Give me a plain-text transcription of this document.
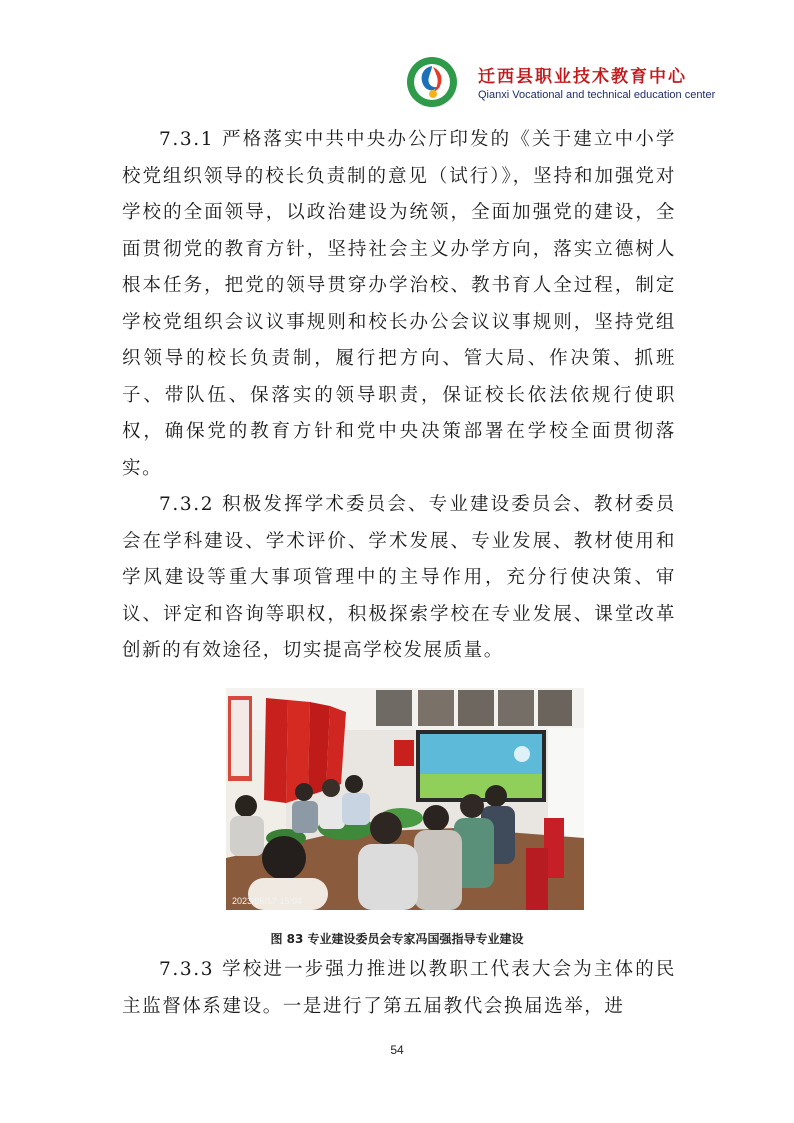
迁西县职业技术教育中心
Qianxi Vocational and technical education center

7.3.1 严格落实中共中央办公厅印发的《关于建立中小学校党组织领导的校长负责制的意见（试行）》，坚持和加强党对学校的全面领导，以政治建设为统领，全面加强党的建设，全面贯彻党的教育方针，坚持社会主义办学方向，落实立德树人根本任务，把党的领导贯穿办学治校、教书育人全过程，制定学校党组织会议议事规则和校长办公会议议事规则，坚持党组织领导的校长负责制，履行把方向、管大局、作决策、抓班子、带队伍、保落实的领导职责，保证校长依法依规行使职权，确保党的教育方针和党中央决策部署在学校全面贯彻落实。

7.3.2 积极发挥学术委员会、专业建设委员会、教材委员会在学科建设、学术评价、学术发展、专业发展、教材使用和学风建设等重大事项管理中的主导作用，充分行使决策、审议、评定和咨询等职权，积极探索学校在专业发展、课堂改革创新的有效途径，切实提高学校发展质量。

2023/05/17 15:04
图 83 专业建设委员会专家冯国强指导专业建设

7.3.3 学校进一步强力推进以教职工代表大会为主体的民主监督体系建设。一是进行了第五届教代会换届选举，进

54
